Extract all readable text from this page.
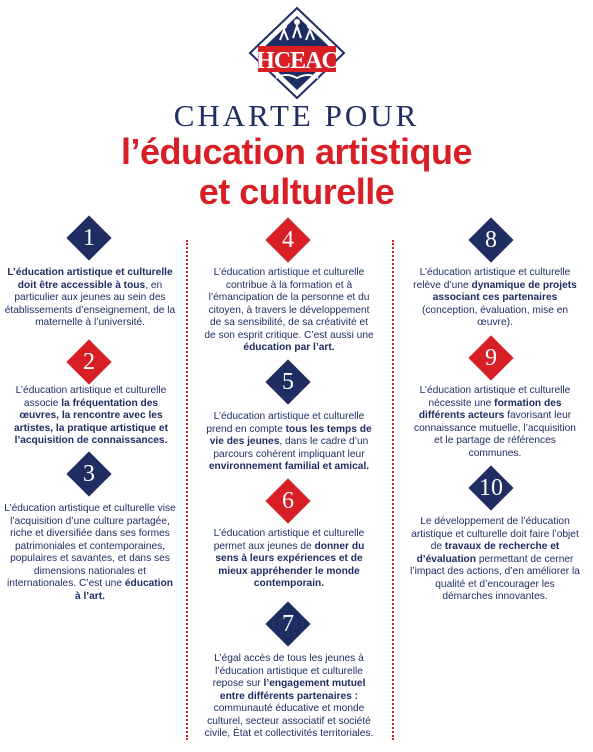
HCEAC
CHARTE POUR
l’éducation artistique
et culturelle
1
L’éducation artistique et culturelle doit être accessible à tous, en particulier aux jeunes au sein des établissements d’enseignement, de la maternelle à l’université.
2
L’éducation artistique et culturelle associe la fréquentation des œuvres, la rencontre avec les artistes, la pratique artistique et l’acquisition de connaissances.
3
L’éducation artistique et culturelle vise l’acquisition d’une culture partagée, riche et diversifiée dans ses formes patrimoniales et contemporaines, populaires et savantes, et dans ses dimensions nationales et internationales. C’est une éducation à l’art.
4
L’éducation artistique et culturelle contribue à la formation et à l’émancipation de la personne et du citoyen, à travers le développement de sa sensibilité, de sa créativité et de son esprit critique. C’est aussi une éducation par l’art.
5
L’éducation artistique et culturelle prend en compte tous les temps de vie des jeunes, dans le cadre d’un parcours cohérent impliquant leur environnement familial et amical.
6
L’éducation artistique et culturelle permet aux jeunes de donner du sens à leurs expériences et de mieux appréhender le monde contemporain.
7
L’égal accès de tous les jeunes à l’éducation artistique et culturelle repose sur l’engagement mutuel entre différents partenaires : communauté éducative et monde culturel, secteur associatif et société civile, État et collectivités territoriales.
8
L’éducation artistique et culturelle relève d’une dynamique de projets associant ces partenaires (conception, évaluation, mise en œuvre).
9
L’éducation artistique et culturelle nécessite une formation des différents acteurs favorisant leur connaissance mutuelle, l’acquisition et le partage de références communes.
10
Le développement de l’éducation artistique et culturelle doit faire l’objet de travaux de recherche et d’évaluation permettant de cerner l’impact des actions, d’en améliorer la qualité et d’encourager les démarches innovantes.
